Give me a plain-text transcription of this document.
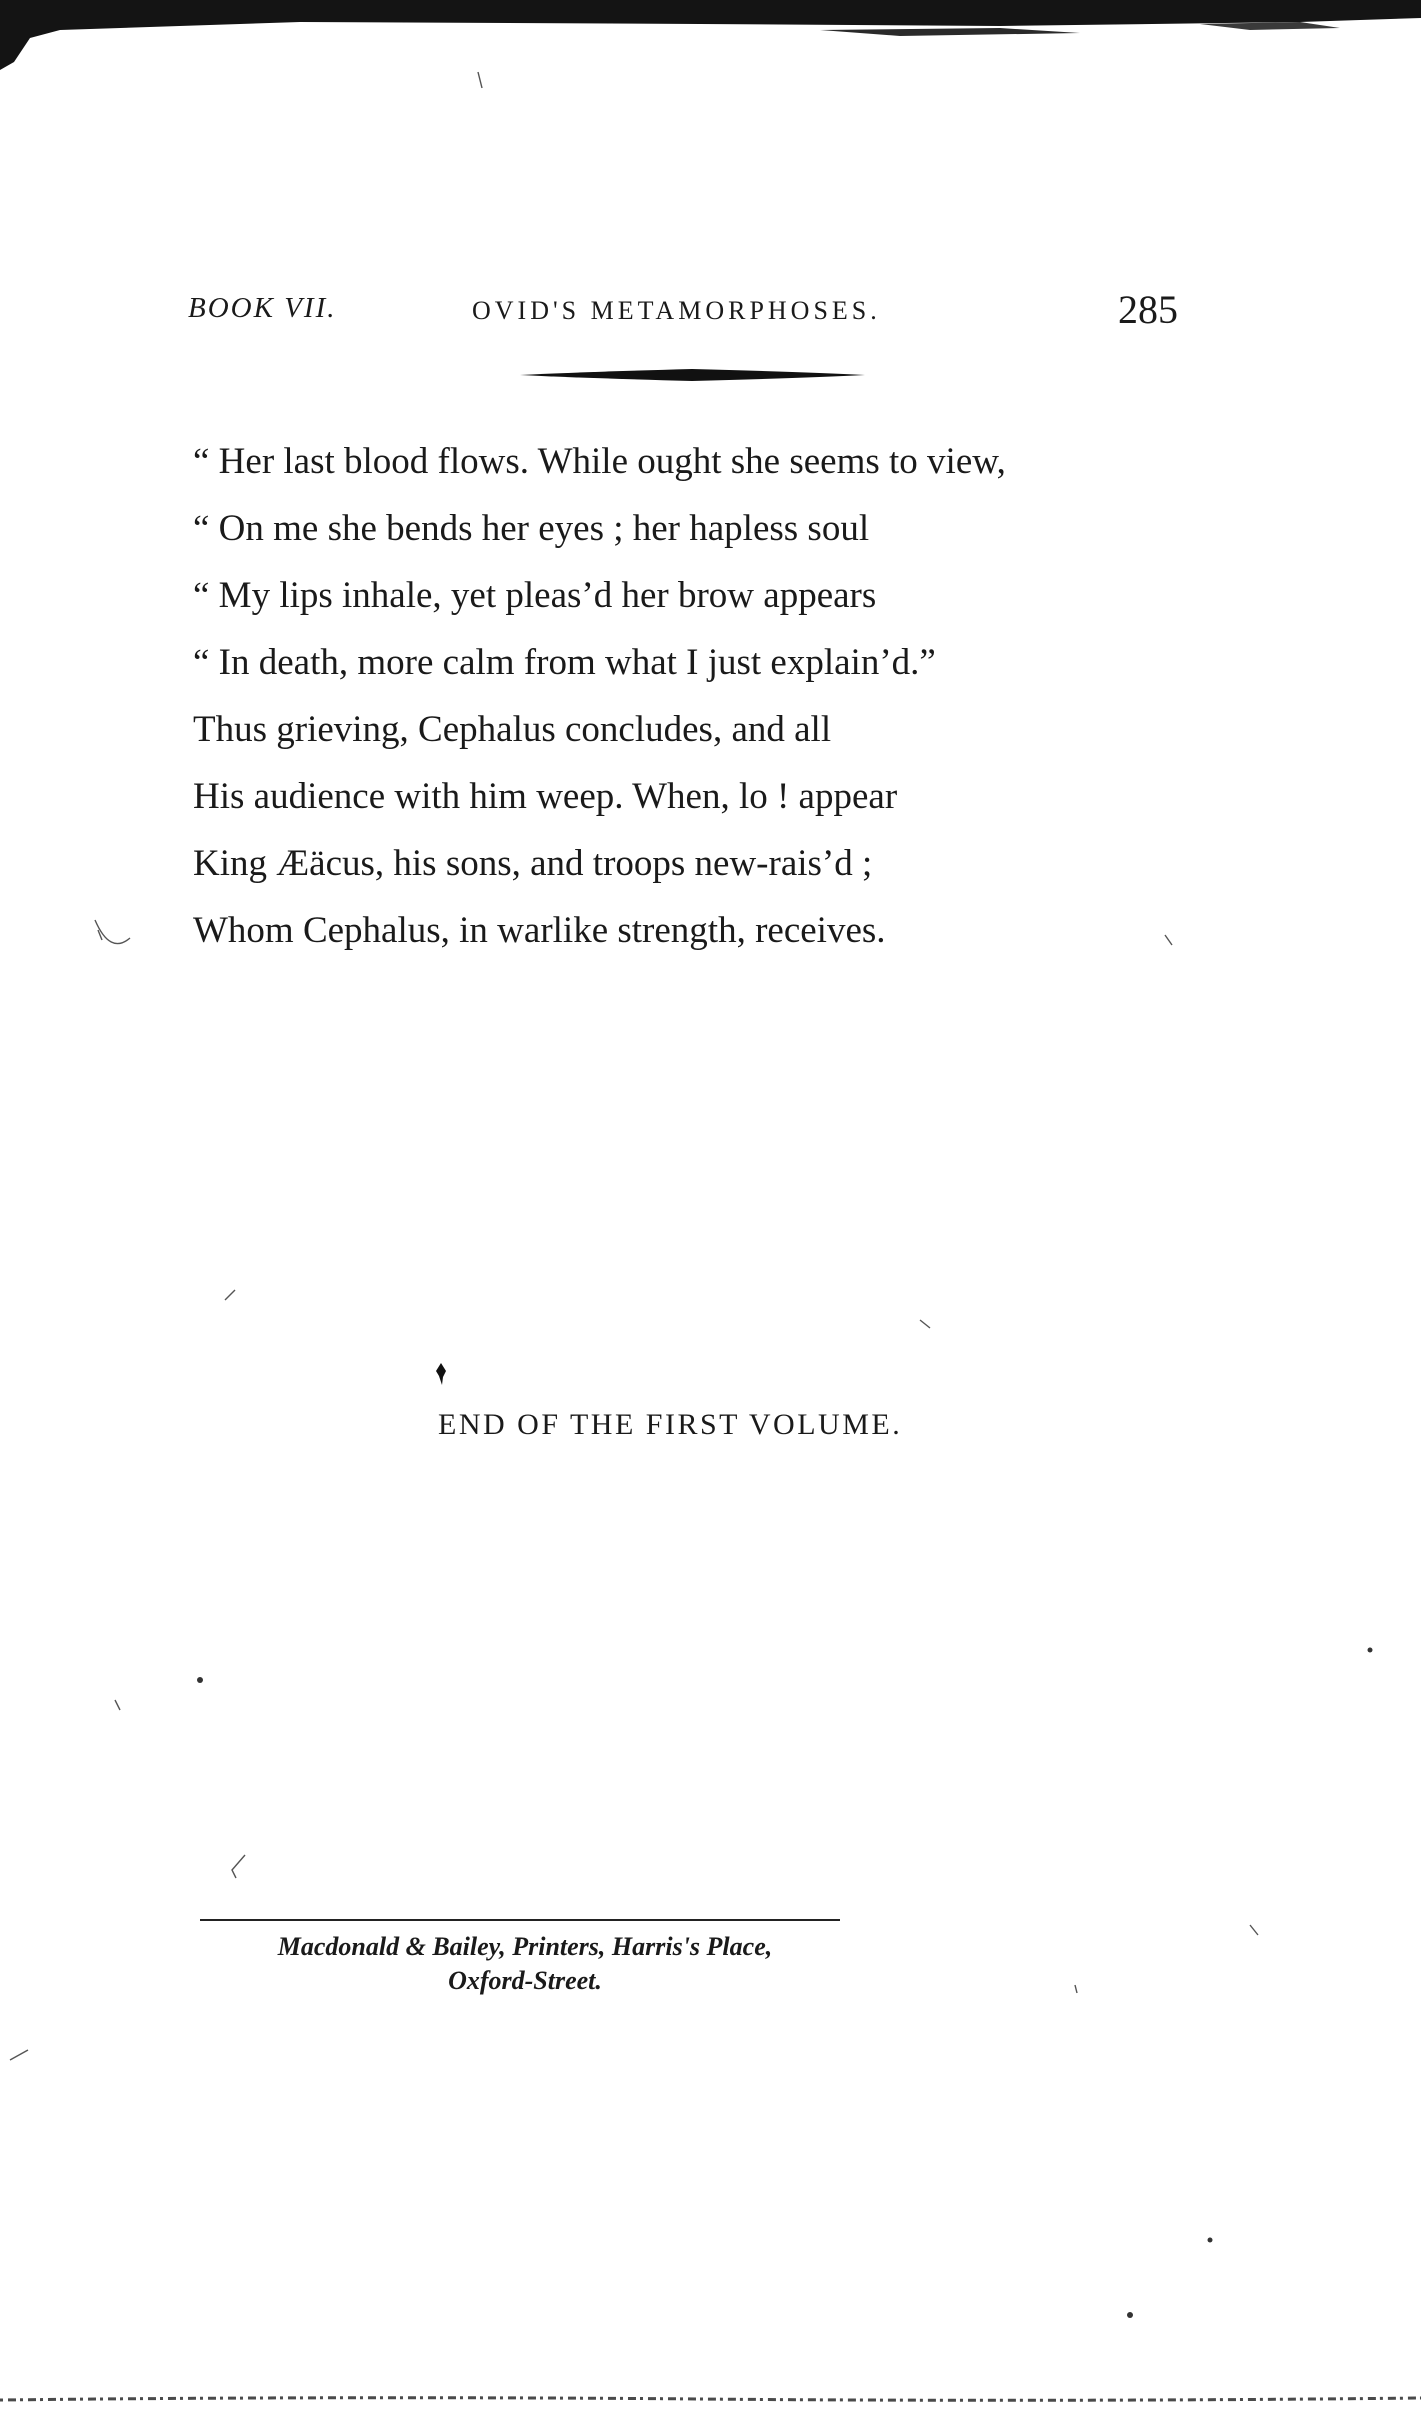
BOOK VII.	OVID'S METAMORPHOSES.	285
“ Her last blood flows. While ought she seems to view,
“ On me she bends her eyes ; her hapless soul
“ My lips inhale, yet pleas’d her brow appears
“ In death, more calm from what I just explain’d.”
Thus grieving, Cephalus concludes, and all
His audience with him weep. When, lo ! appear
King Æäcus, his sons, and troops new-rais’d ;
Whom Cephalus, in warlike strength, receives.
END OF THE FIRST VOLUME.
Macdonald & Bailey, Printers, Harris's Place,
Oxford-Street.
